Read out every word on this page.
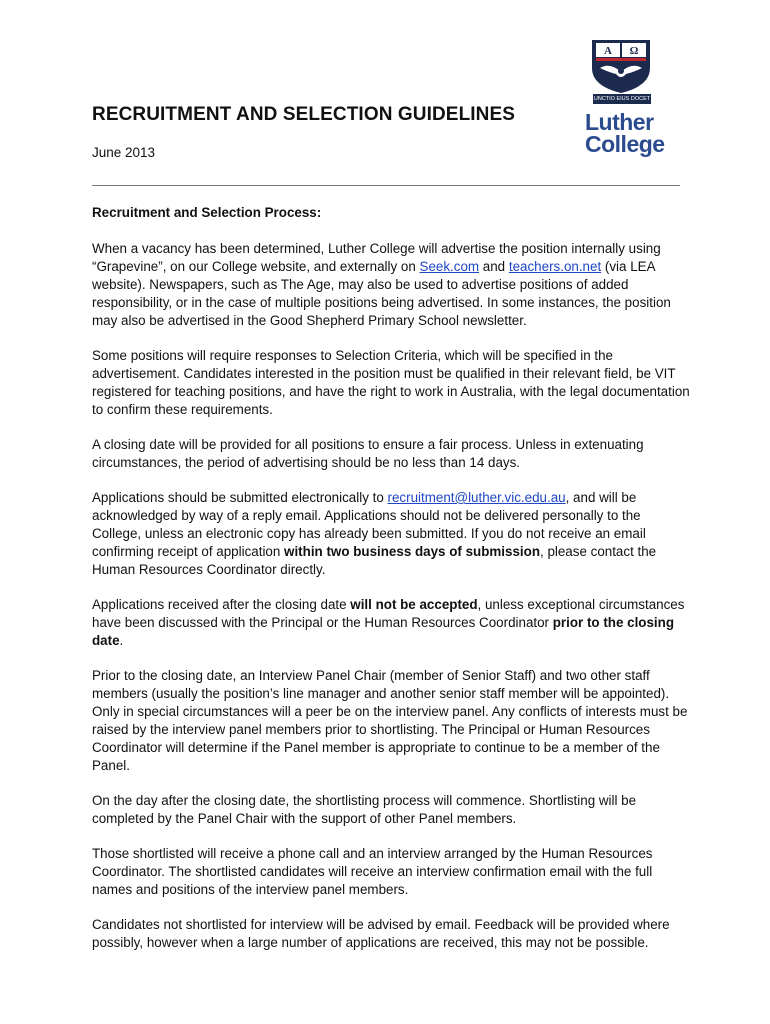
RECRUITMENT AND SELECTION GUIDELINES
June 2013
A Ω
UNCTIO EIUS DOCET
Luther
College

Recruitment and Selection Process:

When a vacancy has been determined, Luther College will advertise the position internally using “Grapevine”, on our College website, and externally on Seek.com and teachers.on.net (via LEA website). Newspapers, such as The Age, may also be used to advertise positions of added responsibility, or in the case of multiple positions being advertised. In some instances, the position may also be advertised in the Good Shepherd Primary School newsletter.

Some positions will require responses to Selection Criteria, which will be specified in the advertisement. Candidates interested in the position must be qualified in their relevant field, be VIT registered for teaching positions, and have the right to work in Australia, with the legal documentation to confirm these requirements.

A closing date will be provided for all positions to ensure a fair process. Unless in extenuating circumstances, the period of advertising should be no less than 14 days.

Applications should be submitted electronically to recruitment@luther.vic.edu.au, and will be acknowledged by way of a reply email. Applications should not be delivered personally to the College, unless an electronic copy has already been submitted. If you do not receive an email confirming receipt of application within two business days of submission, please contact the Human Resources Coordinator directly.

Applications received after the closing date will not be accepted, unless exceptional circumstances have been discussed with the Principal or the Human Resources Coordinator prior to the closing date.

Prior to the closing date, an Interview Panel Chair (member of Senior Staff) and two other staff members (usually the position’s line manager and another senior staff member will be appointed). Only in special circumstances will a peer be on the interview panel. Any conflicts of interests must be raised by the interview panel members prior to shortlisting. The Principal or Human Resources Coordinator will determine if the Panel member is appropriate to continue to be a member of the Panel.

On the day after the closing date, the shortlisting process will commence. Shortlisting will be completed by the Panel Chair with the support of other Panel members.

Those shortlisted will receive a phone call and an interview arranged by the Human Resources Coordinator. The shortlisted candidates will receive an interview confirmation email with the full names and positions of the interview panel members.

Candidates not shortlisted for interview will be advised by email. Feedback will be provided where possibly, however when a large number of applications are received, this may not be possible.
